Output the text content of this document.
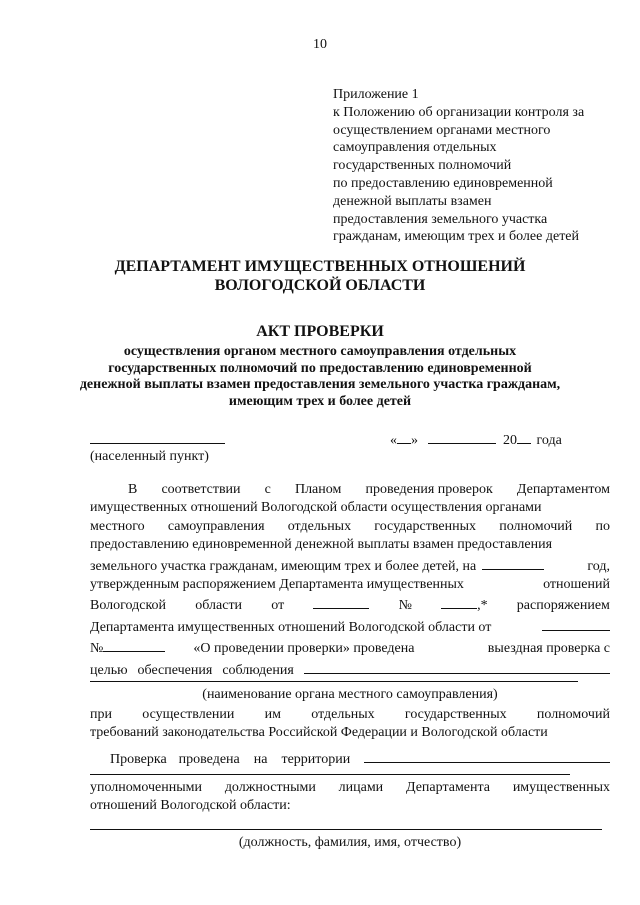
10
Приложение 1
к Положению об организации контроля за
осуществлением органами местного
самоуправления отдельных
государственных полномочий
по предоставлению единовременной
денежной выплаты взамен
предоставления земельного участка
гражданам, имеющим трех и более детей
ДЕПАРТАМЕНТ ИМУЩЕСТВЕННЫХ ОТНОШЕНИЙ
ВОЛОГОДСКОЙ ОБЛАСТИ
АКТ ПРОВЕРКИ
осуществления органом местного самоуправления отдельных
государственных полномочий по предоставлению единовременной
денежной выплаты взамен предоставления земельного участка гражданам,
имеющим трех и более детей
« »	20 года
(населенный пункт)
В соответствии с Планом проведения проверок Департаментом
имущественных отношений Вологодской области осуществления органами
местного самоуправления отдельных государственных полномочий по
предоставлению единовременной денежной выплаты взамен предоставления
земельного участка гражданам, имеющим трех и более детей, на	год,
утвержденным распоряжением Департамента имущественных	отношений
Вологодской области от	№	,* распоряжением
Департамента имущественных отношений Вологодской области от
№	«О проведении проверки» проведена	выездная проверка с
целью обеспечения соблюдения
(наименование органа местного самоуправления)
при осуществлении им отдельных государственных полномочий
требований законодательства Российской Федерации и Вологодской области
Проверка проведена на территории
уполномоченными должностными лицами Департамента имущественных
отношений Вологодской области:
(должность, фамилия, имя, отчество)
